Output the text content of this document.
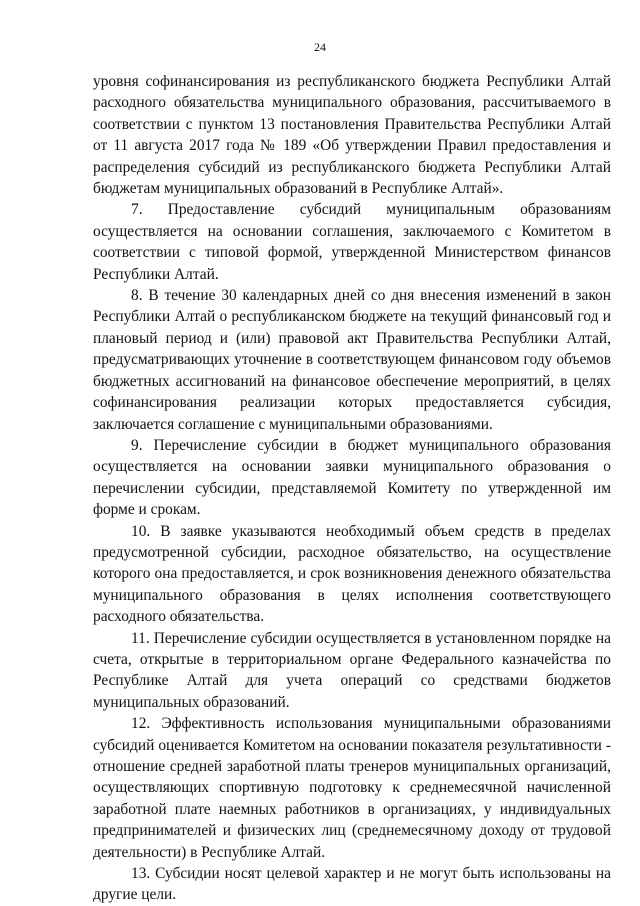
24

уровня софинансирования из республиканского бюджета Республики Алтай расходного обязательства муниципального образования, рассчитываемого в соответствии с пунктом 13 постановления Правительства Республики Алтай от 11 августа 2017 года № 189 «Об утверждении Правил предоставления и распределения субсидий из республиканского бюджета Республики Алтай бюджетам муниципальных образований в Республике Алтай».

7. Предоставление субсидий муниципальным образованиям осуществляется на основании соглашения, заключаемого с Комитетом в соответствии с типовой формой, утвержденной Министерством финансов Республики Алтай.

8. В течение 30 календарных дней со дня внесения изменений в закон Республики Алтай о республиканском бюджете на текущий финансовый год и плановый период и (или) правовой акт Правительства Республики Алтай, предусматривающих уточнение в соответствующем финансовом году объемов бюджетных ассигнований на финансовое обеспечение мероприятий, в целях софинансирования реализации которых предоставляется субсидия, заключается соглашение с муниципальными образованиями.

9. Перечисление субсидии в бюджет муниципального образования осуществляется на основании заявки муниципального образования о перечислении субсидии, представляемой Комитету по утвержденной им форме и срокам.

10. В заявке указываются необходимый объем средств в пределах предусмотренной субсидии, расходное обязательство, на осуществление которого она предоставляется, и срок возникновения денежного обязательства муниципального образования в целях исполнения соответствующего расходного обязательства.

11. Перечисление субсидии осуществляется в установленном порядке на счета, открытые в территориальном органе Федерального казначейства по Республике Алтай для учета операций со средствами бюджетов муниципальных образований.

12. Эффективность использования муниципальными образованиями субсидий оценивается Комитетом на основании показателя результативности - отношение средней заработной платы тренеров муниципальных организаций, осуществляющих спортивную подготовку к среднемесячной начисленной заработной плате наемных работников в организациях, у индивидуальных предпринимателей и физических лиц (среднемесячному доходу от трудовой деятельности) в Республике Алтай.

13. Субсидии носят целевой характер и не могут быть использованы на другие цели.
